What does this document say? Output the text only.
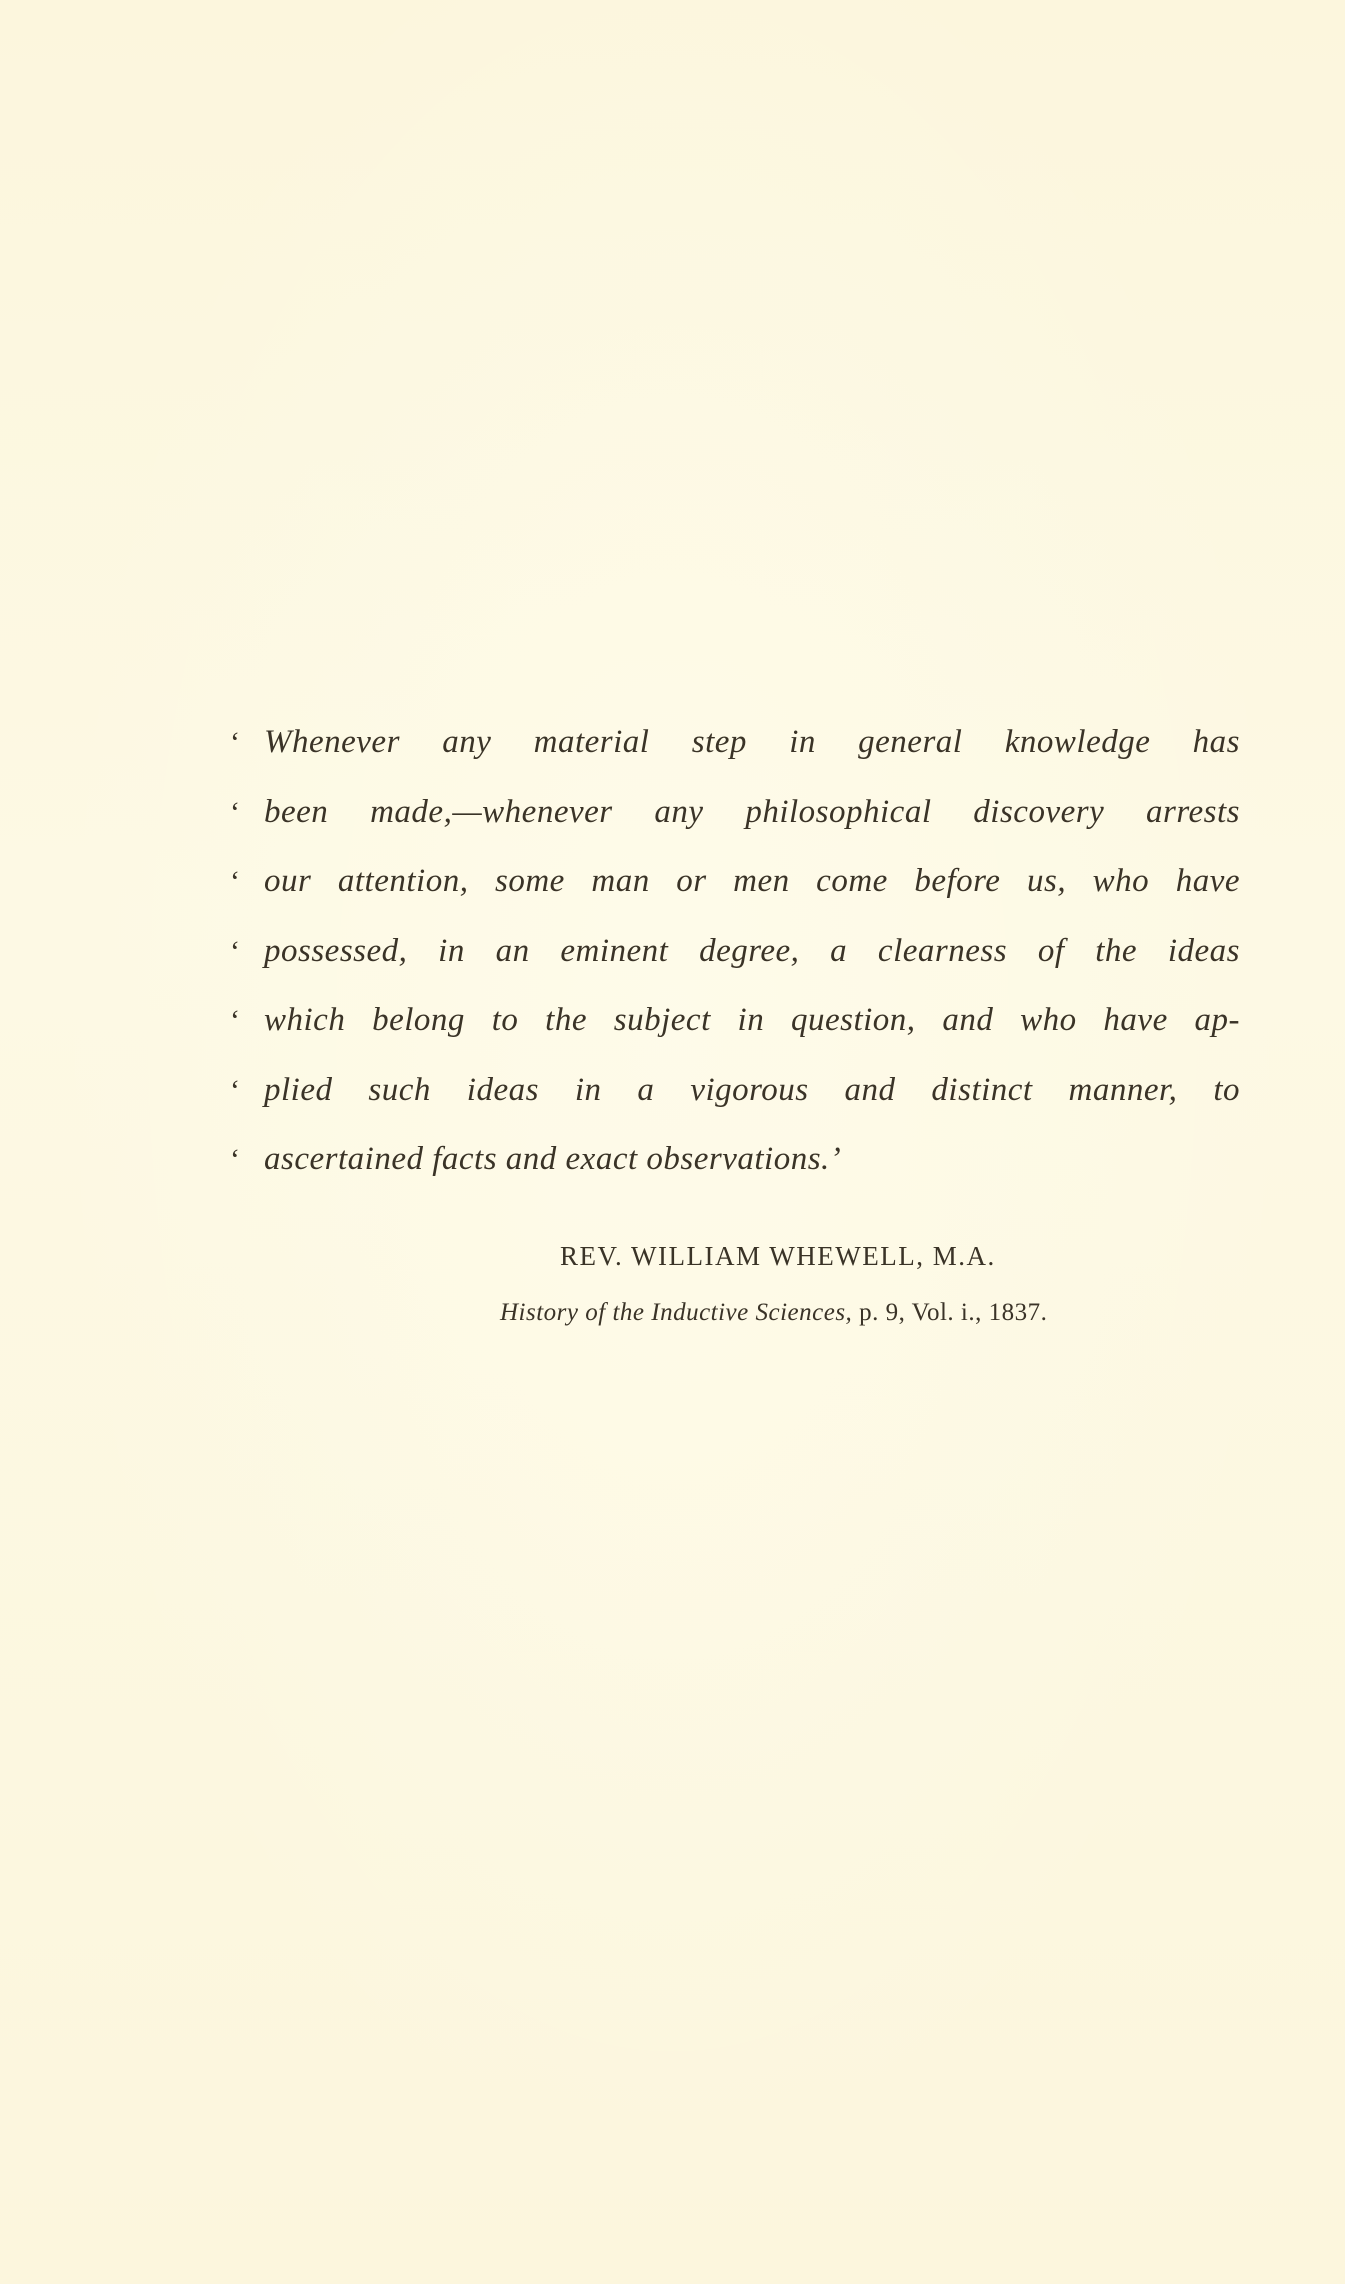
‘ Whenever any material step in general knowledge has
‘ been made,—whenever any philosophical discovery arrests
‘ our attention, some man or men come before us, who have
‘ possessed, in an eminent degree, a clearness of the ideas
‘ which belong to the subject in question, and who have ap-
‘ plied such ideas in a vigorous and distinct manner, to
‘ ascertained facts and exact observations.’
REV. WILLIAM WHEWELL, M.A.
History of the Inductive Sciences, p. 9, Vol. i., 1837.
